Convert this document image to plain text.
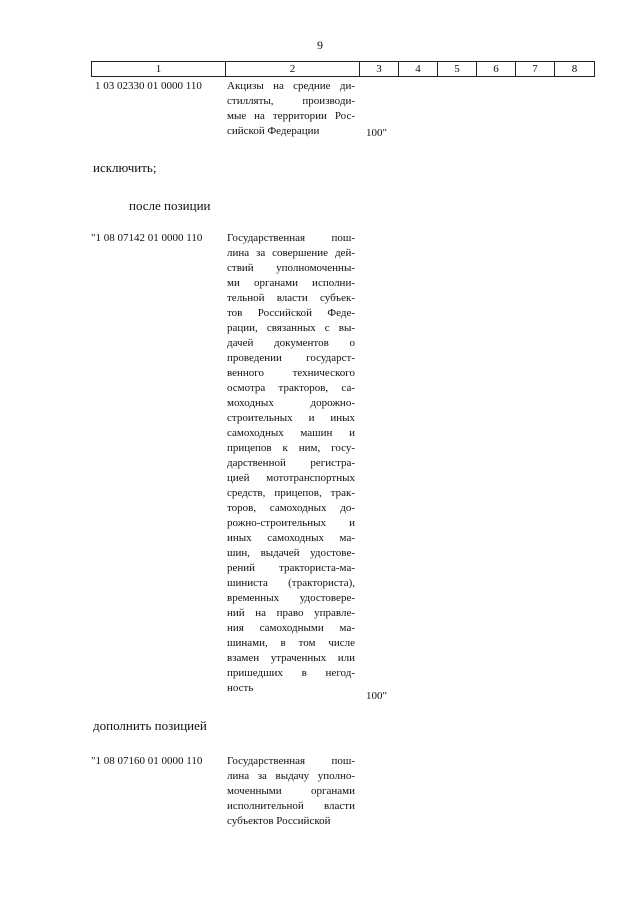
9
1	2	3	4	5	6	7	8
1 03 02330 01 0000 110 Акцизы на средние ди-
стилляты, производи-
мые на территории Рос-
сийской Федерации	100"
исключить;
после позиции
"1 08 07142 01 0000 110 Государственная пош-
лина за совершение дей-
ствий уполномоченны-
ми органами исполни-
тельной власти субъек-
тов Российской Феде-
рации, связанных с вы-
дачей документов о
проведении государст-
венного технического
осмотра тракторов, са-
моходных дорожно-
строительных и иных
самоходных машин и
прицепов к ним, госу-
дарственной регистра-
цией мототранспортных
средств, прицепов, трак-
торов, самоходных до-
рожно-строительных и
иных самоходных ма-
шин, выдачей удостове-
рений тракториста-ма-
шиниста (тракториста),
временных удостовере-
ний на право управле-
ния самоходными ма-
шинами, в том числе
взамен утраченных или
пришедших в негод-
ность
100"
дополнить позицией
"1 08 07160 01 0000 110 Государственная пош-
лина за выдачу уполно-
моченными органами
исполнительной власти
субъектов Российской
